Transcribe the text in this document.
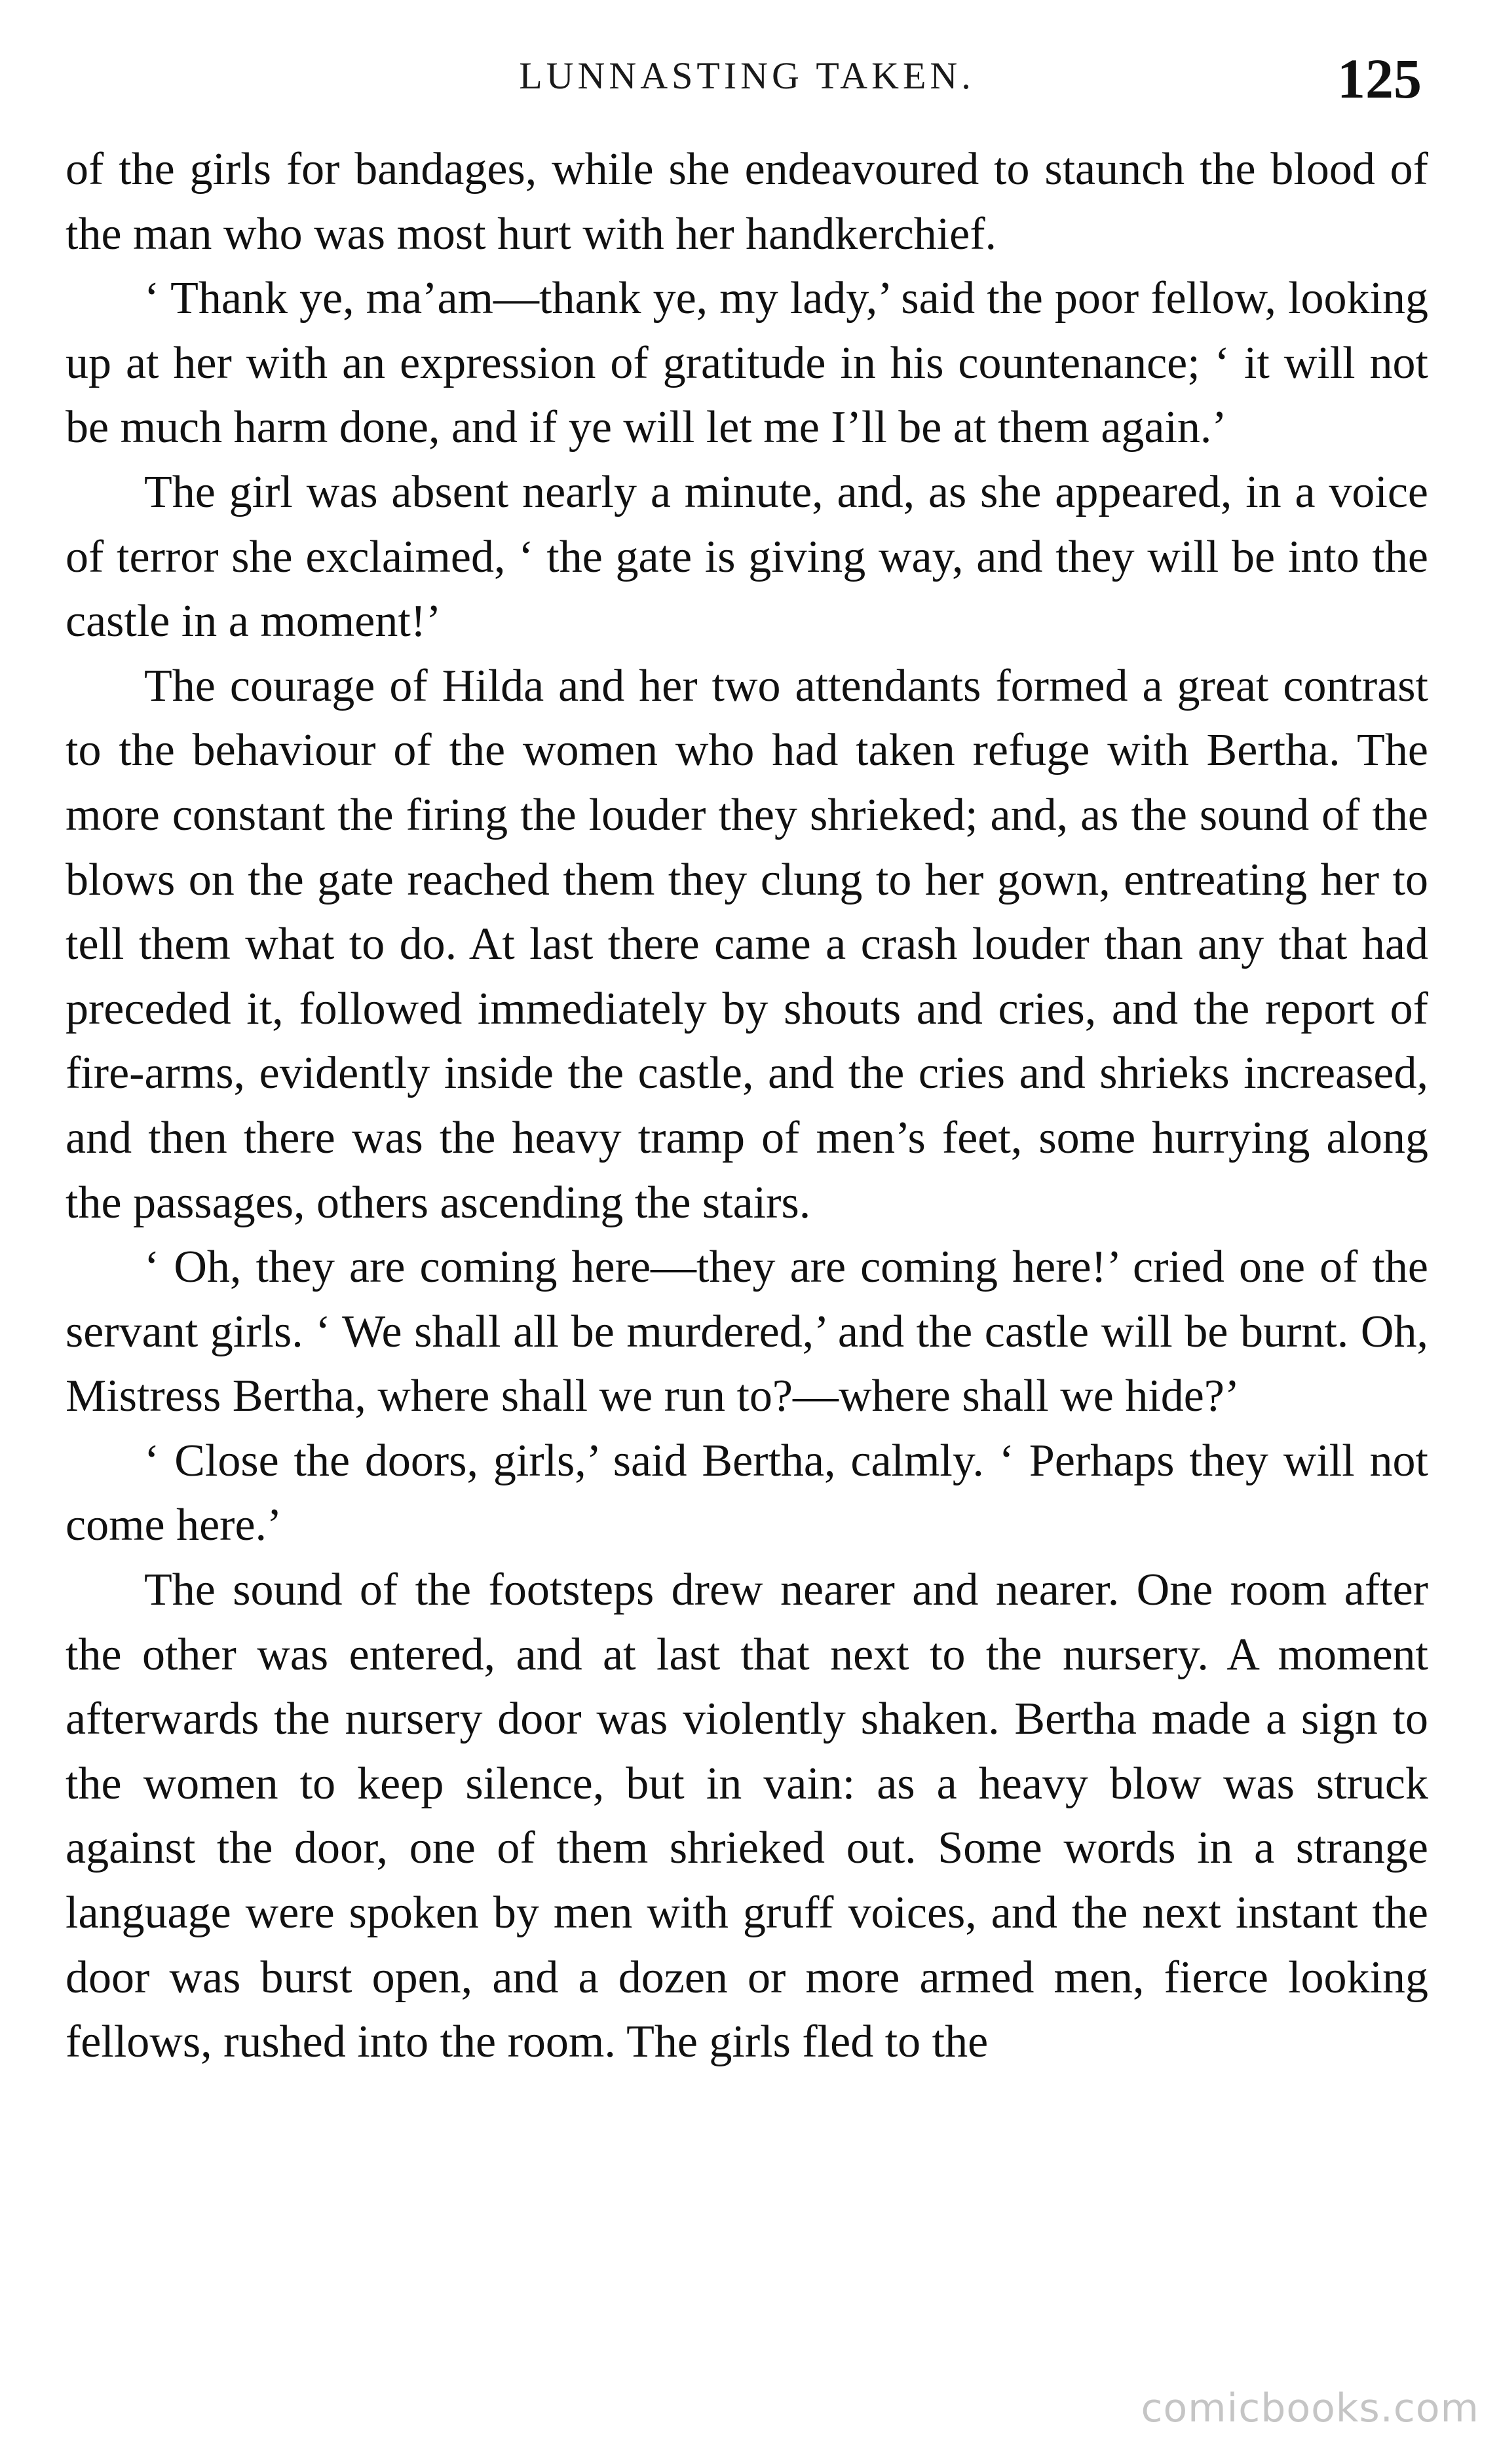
LUNNASTING TAKEN.	125

of the girls for bandages, while she endeavoured to staunch the blood of the man who was most hurt with her handkerchief.

‘ Thank ye, ma’am—thank ye, my lady,’ said the poor fellow, looking up at her with an expression of gratitude in his countenance; ‘ it will not be much harm done, and if ye will let me I’ll be at them again.’

The girl was absent nearly a minute, and, as she appeared, in a voice of terror she exclaimed, ‘ the gate is giving way, and they will be into the castle in a moment!’

The courage of Hilda and her two attendants formed a great contrast to the behaviour of the women who had taken refuge with Bertha. The more constant the firing the louder they shrieked; and, as the sound of the blows on the gate reached them they clung to her gown, entreating her to tell them what to do. At last there came a crash louder than any that had preceded it, followed immediately by shouts and cries, and the report of fire-arms, evidently inside the castle, and the cries and shrieks increased, and then there was the heavy tramp of men’s feet, some hurrying along the passages, others ascending the stairs.

‘ Oh, they are coming here—they are coming here!’ cried one of the servant girls. ‘ We shall all be murdered,’ and the castle will be burnt. Oh, Mistress Bertha, where shall we run to?—where shall we hide?’

‘ Close the doors, girls,’ said Bertha, calmly. ‘ Perhaps they will not come here.’

The sound of the footsteps drew nearer and nearer. One room after the other was entered, and at last that next to the nursery. A moment afterwards the nursery door was violently shaken. Bertha made a sign to the women to keep silence, but in vain: as a heavy blow was struck against the door, one of them shrieked out. Some words in a strange language were spoken by men with gruff voices, and the next instant the door was burst open, and a dozen or more armed men, fierce looking fellows, rushed into the room. The girls fled to the

comicbooks.com
